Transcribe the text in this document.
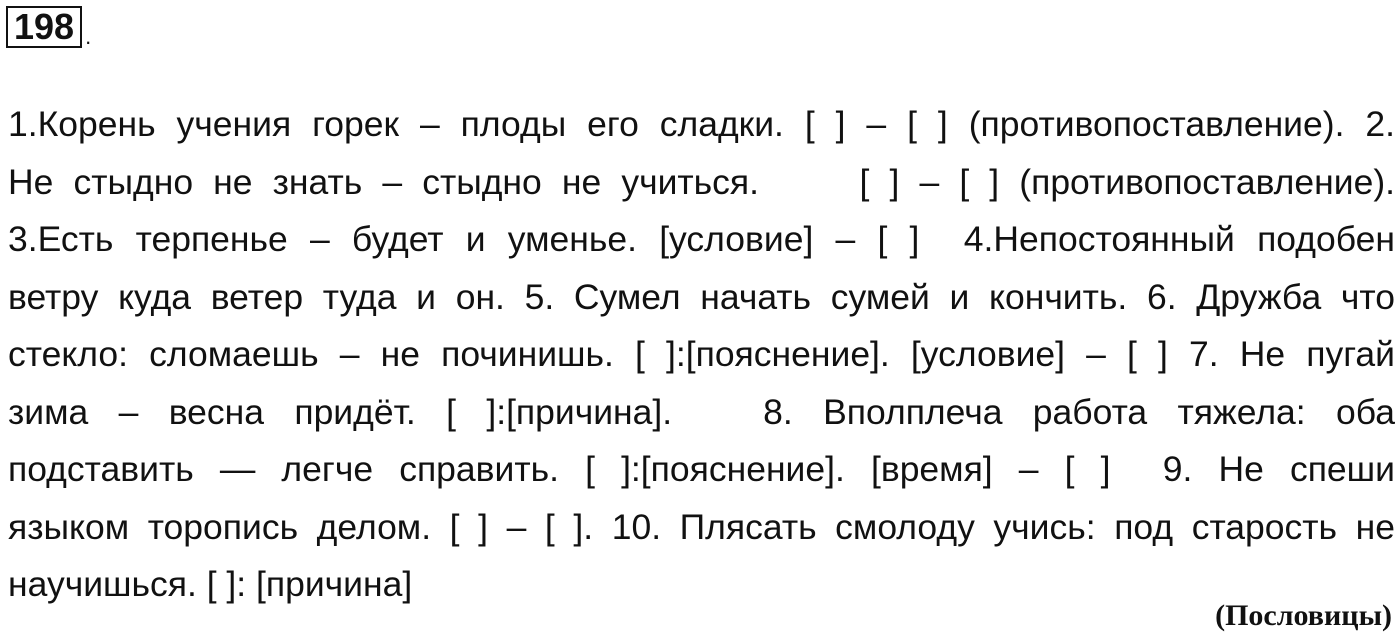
198 .
1.Корень учения горек – плоды его сладки. [ ] – [ ] (противопоставление). 2.
Не стыдно не знать – стыдно не учиться.     [ ] – [ ] (противопоставление).
3.Есть терпенье – будет и уменье. [условие] – [ ]  4.Непостоянный подобен
ветру куда ветер туда и он. 5. Сумел начать сумей и кончить. 6. Дружба что
стекло: сломаешь – не починишь. [ ]:[пояснение]. [условие] – [ ] 7. Не пугай
зима – весна придёт. [ ]:[причина].   8. Вполплеча работа тяжела: оба
подставить — легче справить. [ ]:[пояснение]. [время] – [ ]  9. Не спеши
языком торопись делом. [ ] – [ ]. 10. Плясать смолоду учись: под старость не
научишься. [ ]: [причина]
(Пословицы)
